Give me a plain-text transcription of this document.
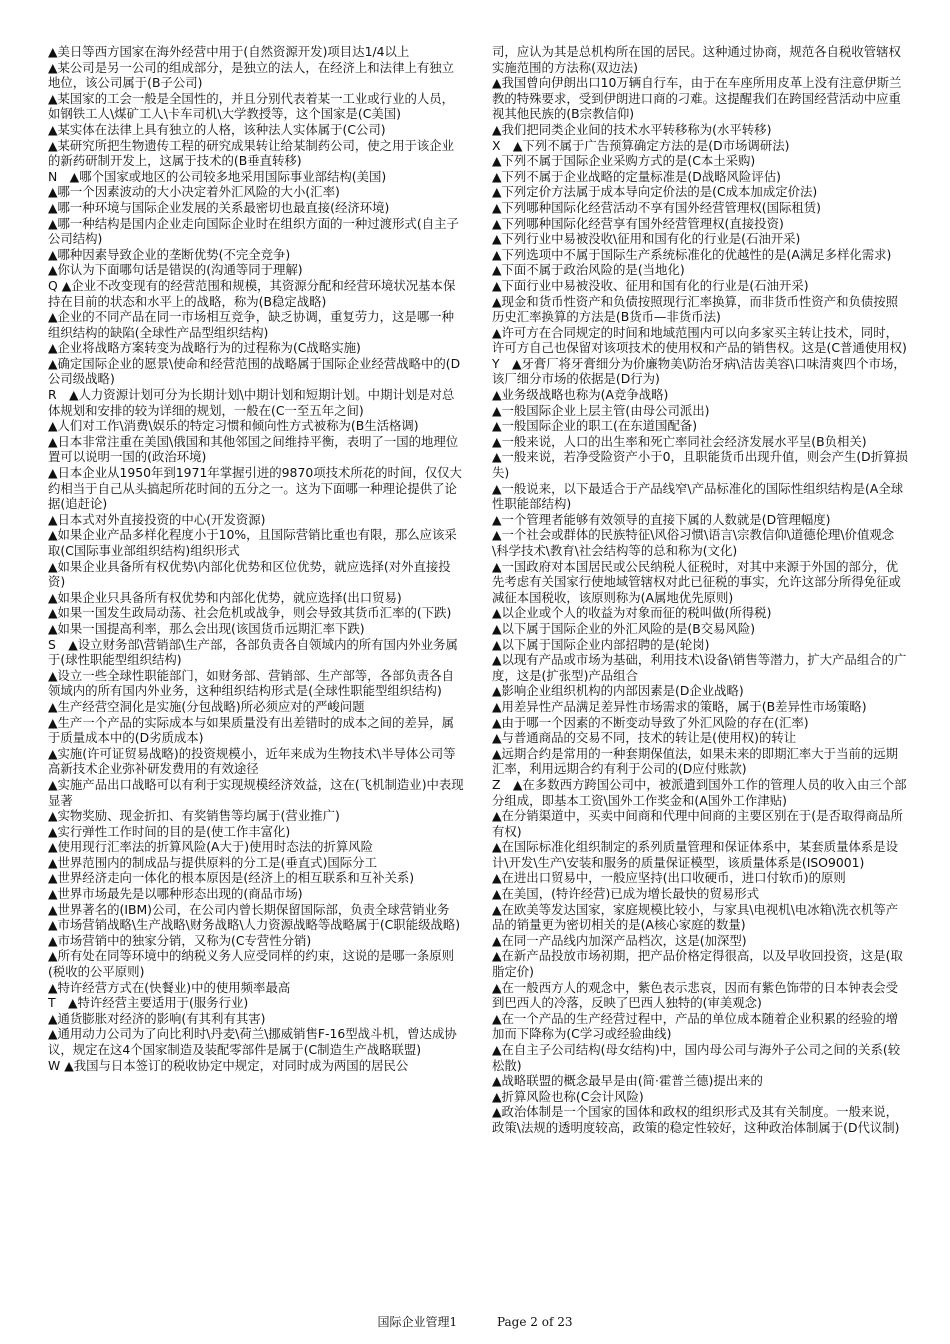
▲美日等西方国家在海外经营中用于(自然资源开发)项目达1/4以上

▲某公司是另一公司的组成部分，是独立的法人，在经济上和法律上有独立地位，该公司属于(B子公司)

▲某国家的工会一般是全国性的，并且分别代表着某一工业或行业的人员，如钢铁工人\煤矿工人\卡车司机\大学教授等，这个国家是(C美国)

▲某实体在法律上具有独立的人格，该种法人实体属于(C公司)

▲某研究所把生物遗传工程的研究成果转让给某制药公司，使之用于该企业的新药研制开发上，这属于技术的(B垂直转移)

N　▲哪个国家或地区的公司较多地采用国际事业部结构(美国)

▲哪一个因素波动的大小决定着外汇风险的大小(汇率)

▲哪一种环境与国际企业发展的关系最密切也最直接(经济环境)

▲哪一种结构是国内企业走向国际企业时在组织方面的一种过渡形式(自主子公司结构)

▲哪种因素导致企业的垄断优势(不完全竞争)

▲你认为下面哪句话是错误的(沟通等同于理解)

Q ▲企业不改变现有的经营范围和规模，其资源分配和经营环境状况基本保持在目前的状态和水平上的战略，称为(B稳定战略)

▲企业的不同产品在同一市场相互竞争，缺乏协调，重复劳力，这是哪一种组织结构的缺陷(全球性产品型组织结构)

▲企业将战略方案转变为战略行为的过程称为(C战略实施)

▲确定国际企业的愿景\使命和经营范围的战略属于国际企业经营战略中的(D公司级战略)

R　▲人力资源计划可分为长期计划\中期计划和短期计划。中期计划是对总体规划和安排的较为详细的规划，一般在(C一至五年之间)

▲人们对工作\消费\娱乐的特定习惯和倾向性方式被称为(B生活格调)

▲日本非常注重在美国\俄国和其他邻国之间维持平衡，表明了一国的地理位置可以说明一国的(政治环境)

▲日本企业从1950年到1971年掌握引进的9870项技术所花的时间，仅仅大约相当于自己从头搞起所花时间的五分之一。这为下面哪一种理论提供了论据(追赶论)

▲日本式对外直接投资的中心(开发资源)

▲如果企业产品多样化程度小于10%，且国际营销比重也有限，那么应该采取(C国际事业部组织结构)组织形式

▲如果企业具备所有权优势\内部化优势和区位优势，就应选择(对外直接投资)

▲如果企业只具备所有权优势和内部化优势，就应选择(出口贸易)

▲如果一国发生政局动荡、社会危机或战争，则会导致其货币汇率的(下跌)

▲如果一国提高利率，那么会出现(该国货币远期汇率下跌)

S　▲设立财务部\营销部\生产部，各部负责各自领域内的所有国内外业务属于(球性职能型组织结构)

▲设立一些全球性职能部门，如财务部、营销部、生产部等，各部负责各自领域内的所有国内外业务，这种组织结构形式是(全球性职能型组织结构)

▲生产经营空洞化是实施(分包战略)所必须应对的严峻问题

▲生产一个产品的实际成本与如果质量没有出差错时的成本之间的差异，属于质量成本中的(D劣质成本)

▲实施(许可证贸易战略)的投资规模小，近年来成为生物技术\半导体公司等高新技术企业弥补研发费用的有效途径

▲实施产品出口战略可以有利于实现规模经济效益，这在(飞机制造业)中表现显著

▲实物奖励、现金折扣、有奖销售等均属于(营业推广)

▲实行弹性工作时间的目的是(使工作丰富化)

▲使用现行汇率法的折算风险(A大于)使用时态法的折算风险

▲世界范围内的制成品与提供原料的分工是(垂直式)国际分工

▲世界经济走向一体化的根本原因是(经济上的相互联系和互补关系)

▲世界市场最先是以哪种形态出现的(商品市场)

▲世界著名的(IBM)公司，在公司内曾长期保留国际部，负责全球营销业务

▲市场营销战略\生产战略\财务战略\人力资源战略等战略属于(C职能级战略)

▲市场营销中的独家分销，又称为(C专营性分销)

▲所有处在同等环境中的纳税义务人应受同样的约束，这说的是哪一条原则(税收的公平原则)

▲特许经营方式在(快餐业)中的使用频率最高

T　▲特许经营主要适用于(服务行业)

▲通货膨胀对经济的影响(有其利有其害)

▲通用动力公司为了向比利时\丹麦\荷兰\挪威销售F-16型战斗机，曾达成协议，规定在这4个国家制造及装配零部件是属于(C制造生产战略联盟)

W ▲我国与日本签订的税收协定中规定，对同时成为两国的居民公

司，应认为其是总机构所在国的居民。这种通过协商，规范各自税收管辖权实施范围的方法称(双边法)

▲我国曾向伊朗出口10万辆自行车，由于在车座所用皮革上没有注意伊斯兰教的特殊要求，受到伊朗进口商的刁难。这提醒我们在跨国经营活动中应重视其他民族的(B宗教信仰)

▲我们把同类企业间的技术水平转移称为(水平转移)

X　▲下列不属于广告预算确定方法的是(D市场调研法)

▲下列不属于国际企业采购方式的是(C本土采购)

▲下列不属于企业战略的定量标准是(D战略风险评估)

▲下列定价方法属于成本导向定价法的是(C成本加成定价法)

▲下列哪种国际化经营活动不享有国外经营管理权(国际租赁)

▲下列哪种国际化经营享有国外经营管理权(直接投资)

▲下列行业中易被没收\征用和国有化的行业是(石油开采)

▲下列选项中不属于国际生产系统标准化的优越性的是(A满足多样化需求)

▲下面不属于政治风险的是(当地化)

▲下面行业中易被没收、征用和国有化的行业是(石油开采)

▲现金和货币性资产和负债按照现行汇率换算，而非货币性资产和负债按照历史汇率换算的方法是(B货币—非货币法)

▲许可方在合同规定的时间和地域范围内可以向多家买主转让技术，同时，许可方自己也保留对该项技术的使用权和产品的销售权。这是(C普通使用权)

Y　▲牙膏厂将牙膏细分为价廉物美\防治牙病\洁齿美容\口味清爽四个市场，该厂细分市场的依据是(D行为)

▲业务级战略也称为(A竞争战略)

▲一般国际企业上层主管(由母公司派出)

▲一般国际企业的职工(在东道国配备)

▲一般来说，人口的出生率和死亡率同社会经济发展水平呈(B负相关)

▲一般来说，若净受险资产小于0，且职能货币出现升值，则会产生(D折算损失)

▲一般说来，以下最适合于产品线窄\产品标准化的国际性组织结构是(A全球性职能部结构)

▲一个管理者能够有效领导的直接下属的人数就是(D管理幅度)

▲一个社会或群体的民族特征\风俗习惯\语言\宗教信仰\道德伦理\价值观念\科学技术\教育\社会结构等的总和称为(文化)

▲一国政府对本国居民或公民纳税人征税时，对其中来源于外国的部分，优先考虑有关国家行使地域管辖权对此已征税的事实，允许这部分所得免征或减征本国税收，该原则称为(A属地优先原则)

▲以企业或个人的收益为对象而征的税叫做(所得税)

▲以下属于国际企业的外汇风险的是(B交易风险)

▲以下属于国际企业内部招聘的是(轮岗)

▲以现有产品或市场为基础，利用技术\设备\销售等潜力，扩大产品组合的广度，这是(扩张型)产品组合

▲影响企业组织机构的内部因素是(D企业战略)

▲用差异性产品满足差异性市场需求的策略，属于(B差异性市场策略)

▲由于哪一个因素的不断变动导致了外汇风险的存在(汇率)

▲与普通商品的交易不同，技术的转让是(使用权)的转让

▲远期合约是常用的一种套期保值法，如果未来的即期汇率大于当前的远期汇率，利用远期合约有利于公司的(D应付账款)

Z　▲在多数西方跨国公司中，被派遣到国外工作的管理人员的收入由三个部分组成，即基本工资\国外工作奖金和(A国外工作津贴)

▲在分销渠道中，买卖中间商和代理中间商的主要区别在于(是否取得商品所有权)

▲在国际标准化组织制定的系列质量管理和保证体系中，某套质量体系是设计\开发\生产\安装和服务的质量保证模型，该质量体系是(ISO9001)

▲在进出口贸易中，一般应坚持(出口收硬币，进口付软币)的原则

▲在美国，(特许经营)已成为增长最快的贸易形式

▲在欧美等发达国家，家庭规模比较小，与家具\电视机\电冰箱\洗衣机等产品的销量更为密切相关的是(A核心家庭的数量)

▲在同一产品线内加深产品档次，这是(加深型)

▲在新产品投放市场初期，把产品价格定得很高，以及早收回投资，这是(取脂定价)

▲在一般西方人的观念中，紫色表示悲哀，因而有紫色饰带的日本钟表会受到巴西人的冷落，反映了巴西人独特的(审美观念)

▲在一个产品的生产经营过程中，产品的单位成本随着企业积累的经验的增加而下降称为(C学习或经验曲线)

▲在自主子公司结构(母女结构)中，国内母公司与海外子公司之间的关系(较松散)

▲战略联盟的概念最早是由(简·霍普兰德)提出来的

▲折算风险也称(C会计风险)

▲政治体制是一个国家的国体和政权的组织形式及其有关制度。一般来说，政策\法规的透明度较高，政策的稳定性较好，这种政治体制属于(D代议制)

国际企业管理1	Page 2 of 23
